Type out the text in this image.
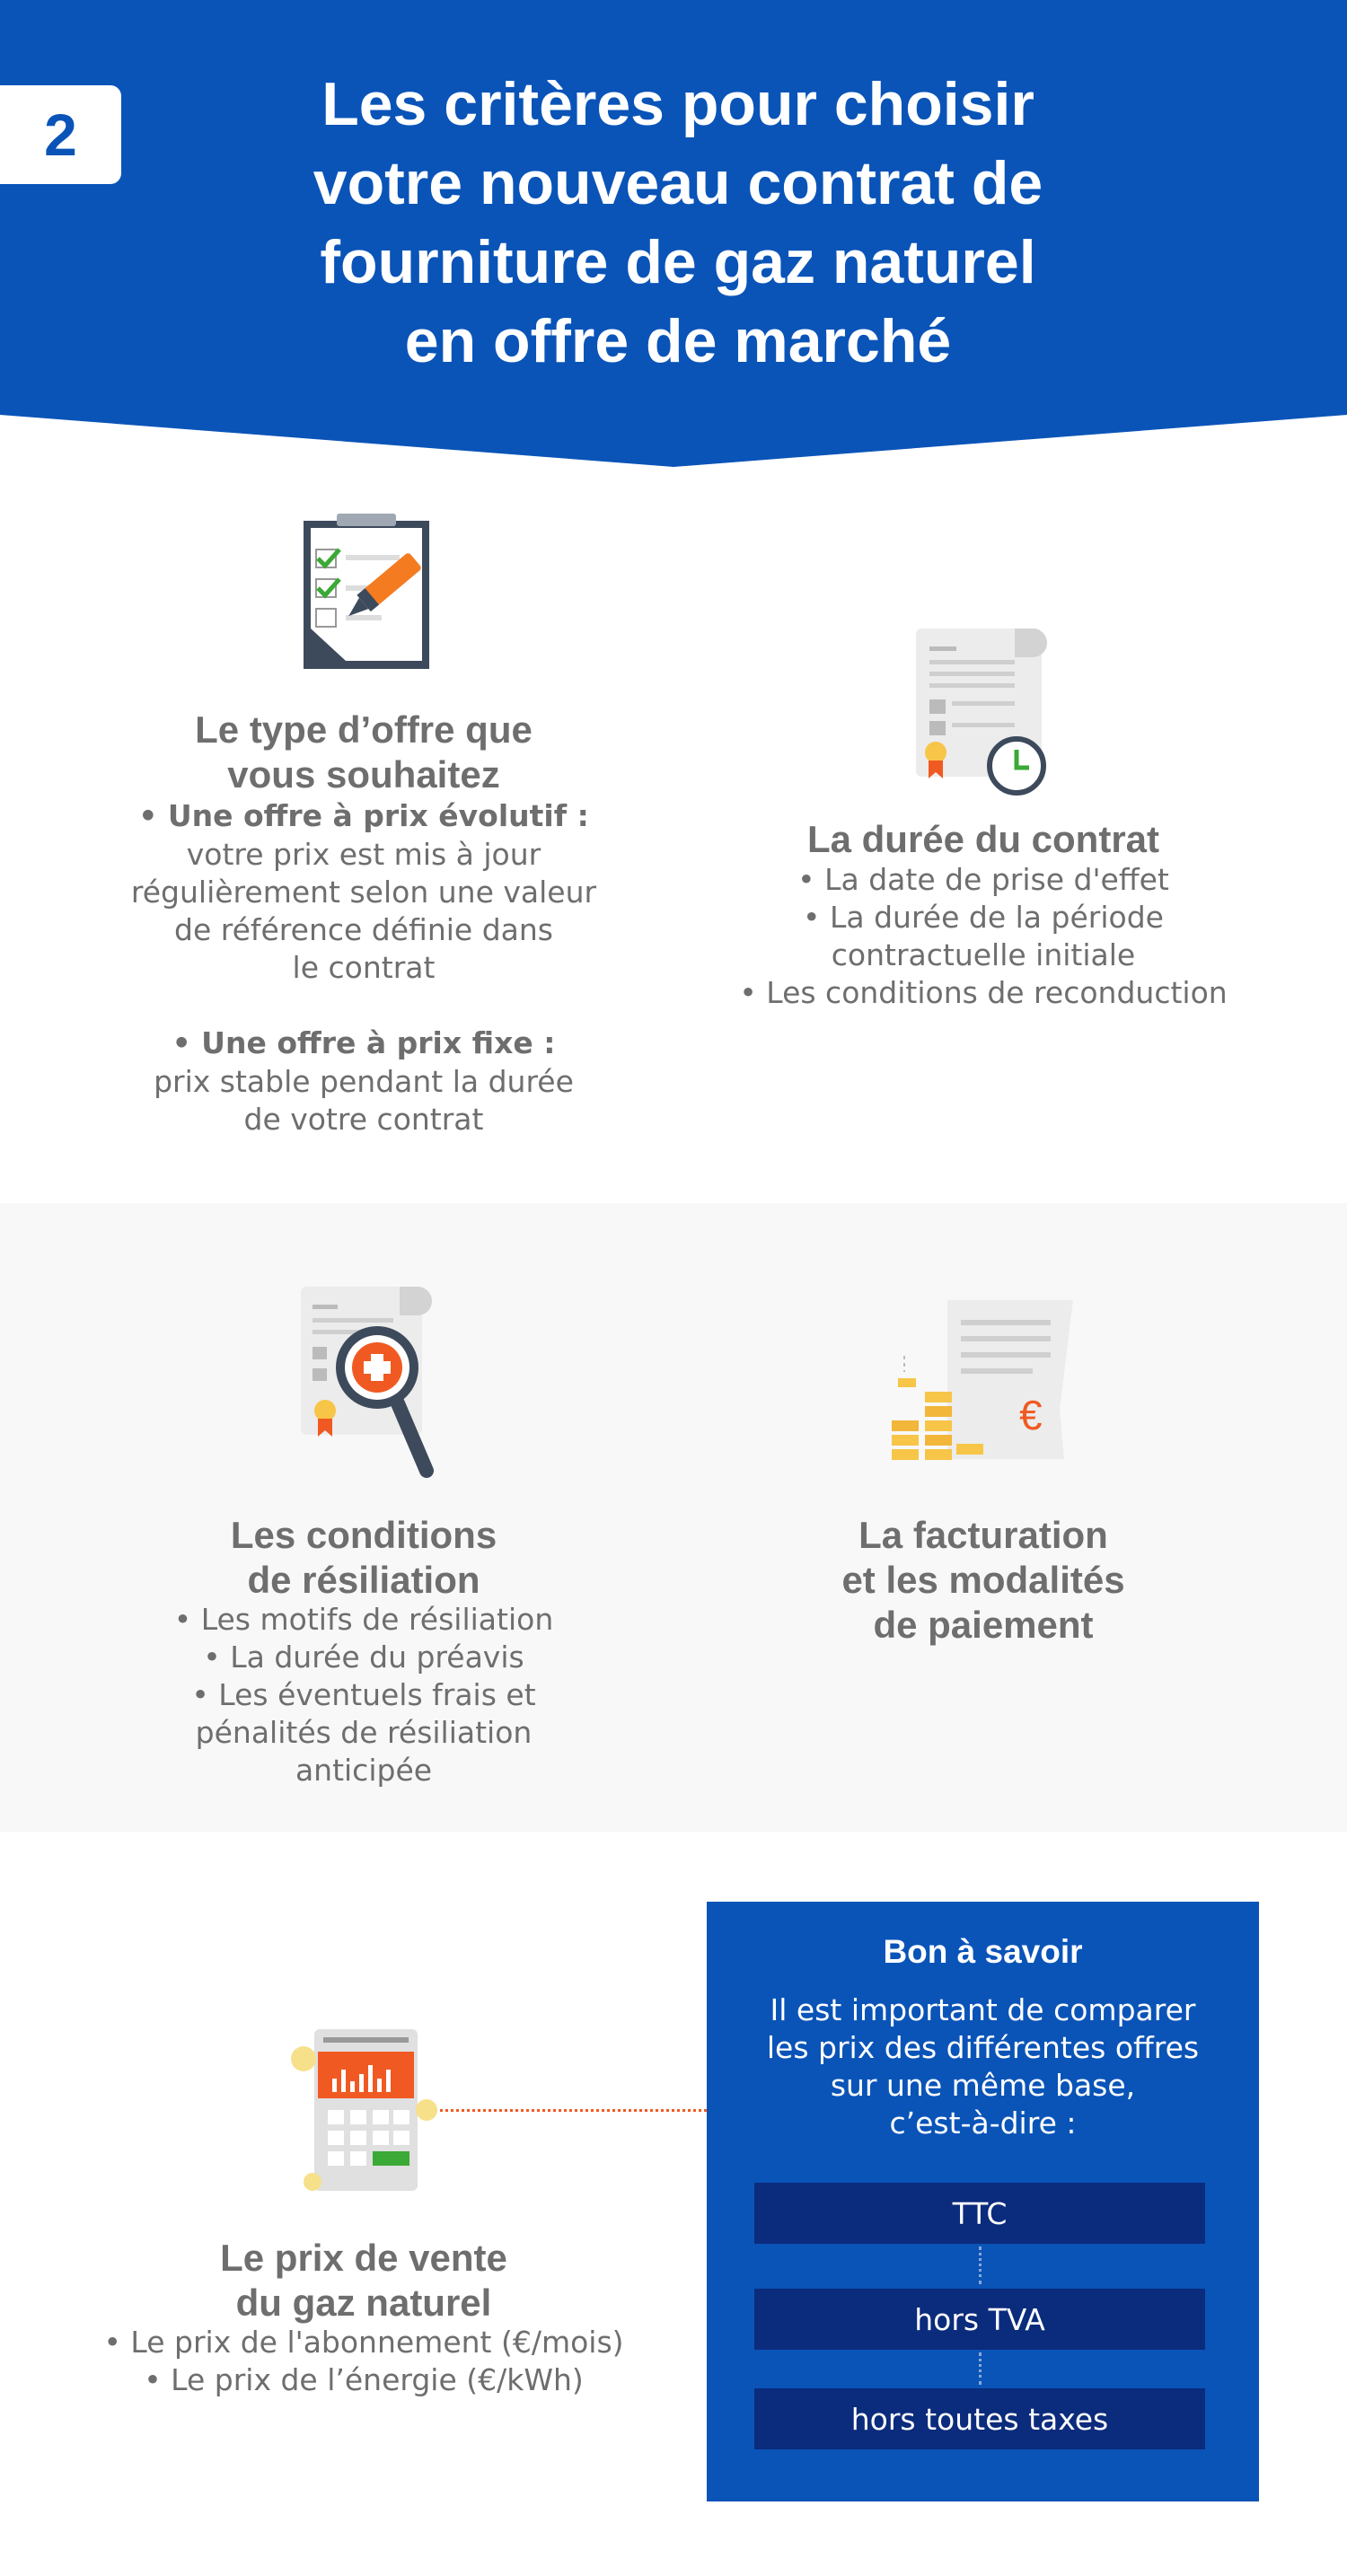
2	Les critères pour choisir
votre nouveau contrat de
fourniture de gaz naturel
en offre de marché
Le type d’offre que
vous souhaitez
• Une offre à prix évolutif :
votre prix est mis à jour
régulièrement selon une valeur
de référence définie dans
le contrat
• Une offre à prix fixe :
prix stable pendant la durée
de votre contrat
La durée du contrat
• La date de prise d'effet
• La durée de la période
contractuelle initiale
• Les conditions de reconduction
Les conditions
de résiliation
• Les motifs de résiliation
• La durée du préavis
• Les éventuels frais et
pénalités de résiliation
anticipée
€
La facturation
et les modalités
de paiement
Le prix de vente
du gaz naturel
• Le prix de l'abonnement (€/mois)
• Le prix de l’énergie (€/kWh)
Bon à savoir
Il est important de comparer
les prix des différentes offres
sur une même base,
c’est-à-dire :
TTC
hors TVA
hors toutes taxes
